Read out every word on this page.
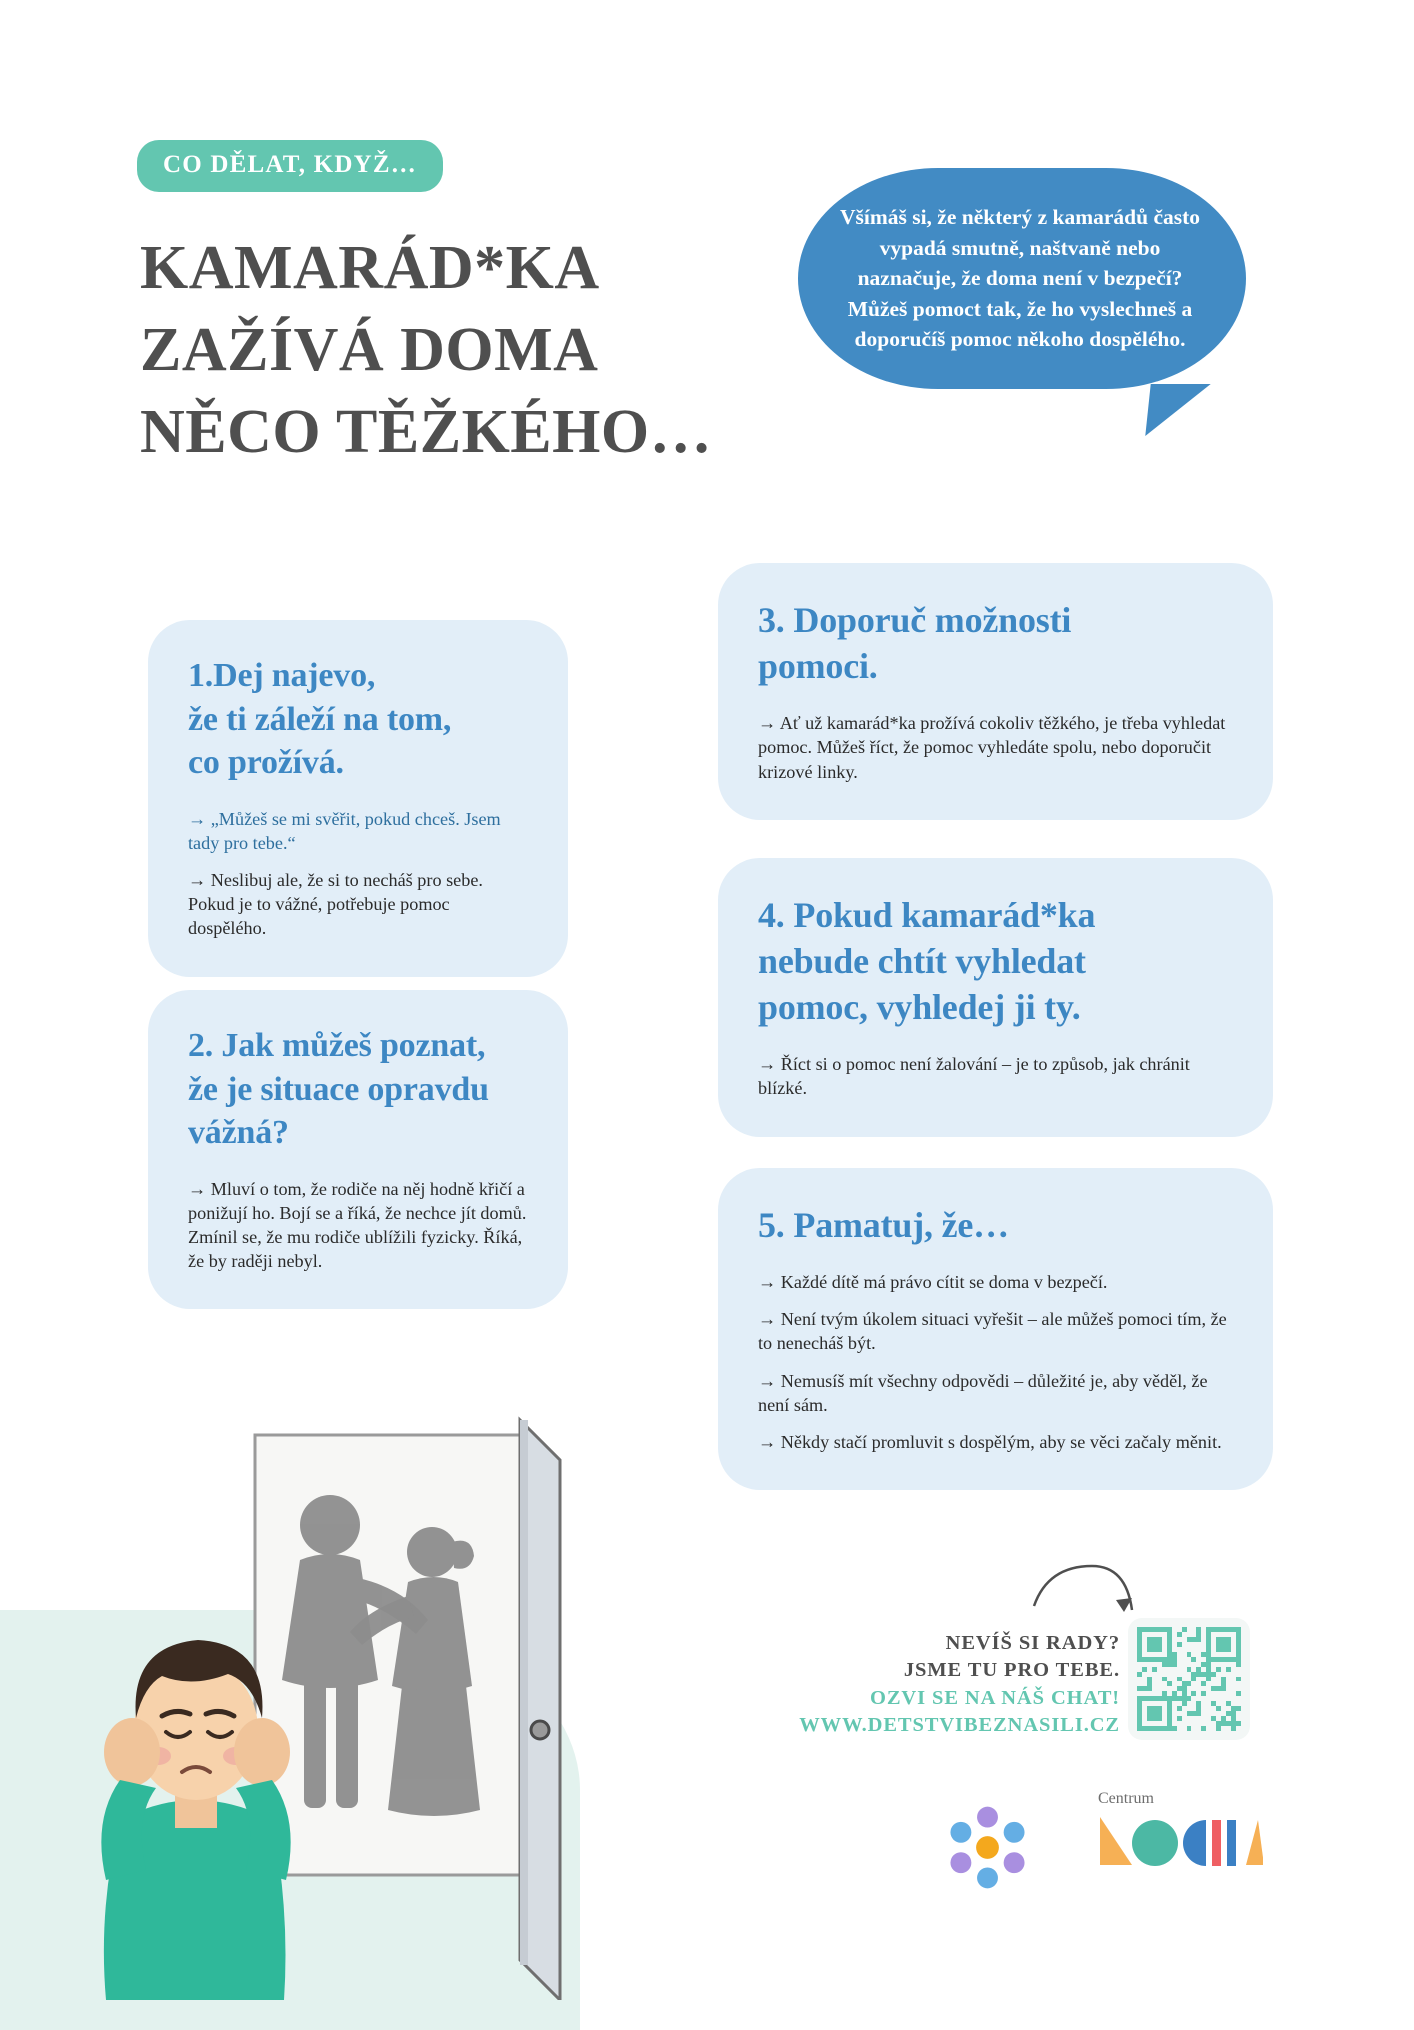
CO DĚLAT, KDYŽ…
KAMARÁD*KA
ZAŽÍVÁ DOMA
NĚCO TĚŽKÉHO…

Všímáš si, že některý z kamarádů často vypadá smutně, naštvaně nebo naznačuje, že doma není v bezpečí? Můžeš pomoct tak, že ho vyslechneš a doporučíš pomoc někoho dospělého.

1.Dej najevo,
že ti záleží na tom,
co prožívá.

→ „Můžeš se mi svěřit, pokud chceš. Jsem tady pro tebe.“

→ Neslibuj ale, že si to necháš pro sebe. Pokud je to vážné, potřebuje pomoc dospělého.

2. Jak můžeš poznat,
že je situace opravdu
vážná?

→ Mluví o tom, že rodiče na něj hodně křičí a ponižují ho. Bojí se a říká, že nechce jít domů. Zmínil se, že mu rodiče ublížili fyzicky. Říká, že by raději nebyl.

3. Doporuč možnosti
pomoci.

→ Ať už kamarád*ka prožívá cokoliv těžkého, je třeba vyhledat pomoc. Můžeš říct, že pomoc vyhledáte spolu, nebo doporučit krizové linky.

4. Pokud kamarád*ka
nebude chtít vyhledat
pomoc, vyhledej ji ty.

→ Říct si o pomoc není žalování – je to způsob, jak chránit blízké.

5. Pamatuj, že…

→ Každé dítě má právo cítit se doma v bezpečí.

→ Není tvým úkolem situaci vyřešit – ale můžeš pomoci tím, že to nenecháš být.

→ Nemusíš mít všechny odpovědi – důležité je, aby věděl, že není sám.

→ Někdy stačí promluvit s dospělým, aby se věci začaly měnit.

NEVÍŠ SI RADY?
JSME TU PRO TEBE.
OZVI SE NA NÁŠ CHAT!
WWW.DETSTVIBEZNASILI.CZ
Centrum
